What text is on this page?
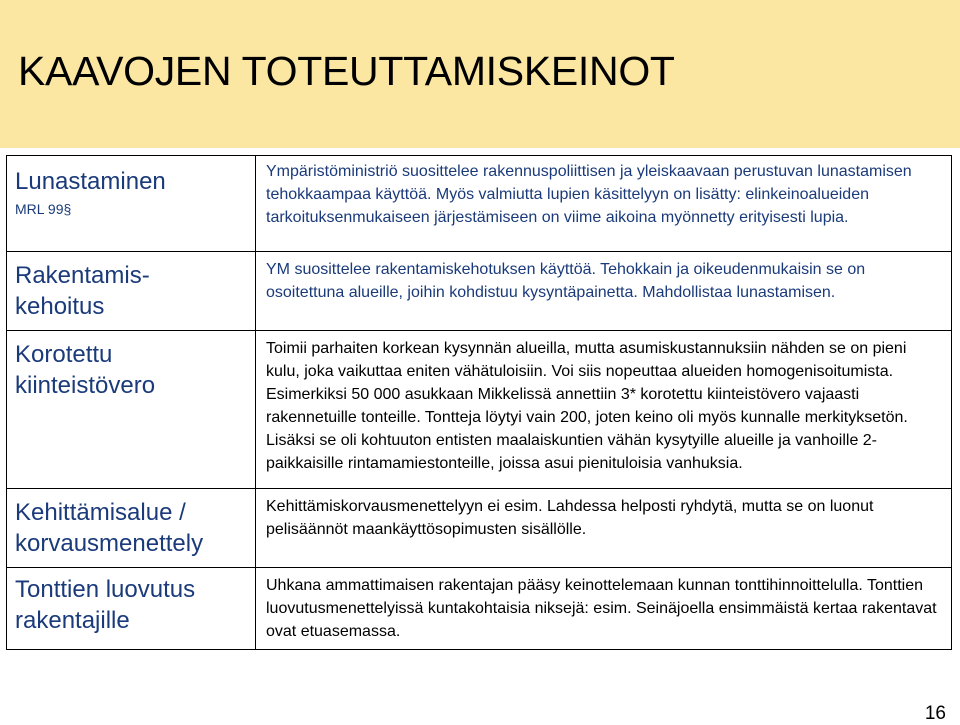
KAAVOJEN TOTEUTTAMISKEINOT
Lunastaminen
MRL 99§	Ympäristöministriö suosittelee rakennuspoliittisen ja yleiskaavaan perustuvan lunastamisen tehokkaampaa käyttöä. Myös valmiutta lupien käsittelyyn on lisätty: elinkeinoalueiden tarkoituksenmukaiseen järjestämiseen on viime aikoina myönnetty erityisesti lupia.

Rakentamis-
kehoitus	YM suosittelee rakentamiskehotuksen käyttöä. Tehokkain ja oikeudenmukaisin se on osoitettuna alueille, joihin kohdistuu kysyntäpainetta. Mahdollistaa lunastamisen.

Korotettu
kiinteistövero	Toimii parhaiten korkean kysynnän alueilla, mutta asumiskustannuksiin nähden se on pieni kulu, joka vaikuttaa eniten vähätuloisiin. Voi siis nopeuttaa alueiden homogenisoitumista. Esimerkiksi 50 000 asukkaan Mikkelissä annettiin 3* korotettu kiinteistövero vajaasti rakennetuille tonteille. Tontteja löytyi vain 200, joten keino oli myös kunnalle merkityksetön. Lisäksi se oli kohtuuton entisten maalaiskuntien vähän kysytyille alueille ja vanhoille 2-paikkaisille rintamamiestonteille, joissa asui pienituloisia vanhuksia.

Kehittämisalue /
korvausmenettely	Kehittämiskorvausmenettelyyn ei esim. Lahdessa helposti ryhdytä, mutta se on luonut pelisäännöt maankäyttösopimusten sisällölle.

Tonttien luovutus
rakentajille	Uhkana ammattimaisen rakentajan pääsy keinottelemaan kunnan tonttihinnoittelulla. Tonttien luovutusmenettelyissä kuntakohtaisia niksejä: esim. Seinäjoella ensimmäistä kertaa rakentavat ovat etuasemassa.
16
